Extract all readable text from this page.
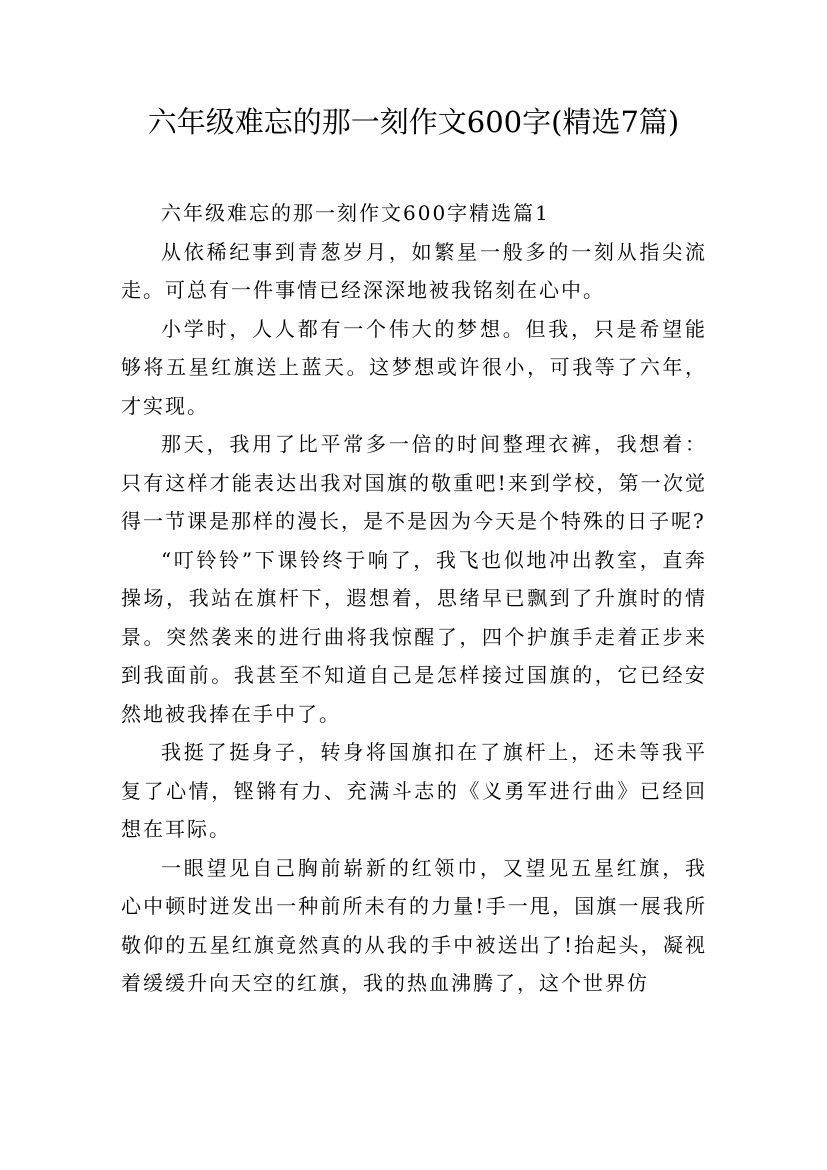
六年级难忘的那一刻作文600字(精选7篇)

六年级难忘的那一刻作文600字精选篇1

从依稀纪事到青葱岁月，如繁星一般多的一刻从指尖流走。可总有一件事情已经深深地被我铭刻在心中。

小学时，人人都有一个伟大的梦想。但我，只是希望能够将五星红旗送上蓝天。这梦想或许很小，可我等了六年，才实现。

那天，我用了比平常多一倍的时间整理衣裤，我想着：只有这样才能表达出我对国旗的敬重吧!来到学校，第一次觉得一节课是那样的漫长，是不是因为今天是个特殊的日子呢?

“叮铃铃”下课铃终于响了，我飞也似地冲出教室，直奔操场，我站在旗杆下，遐想着，思绪早已飘到了升旗时的情景。突然袭来的进行曲将我惊醒了，四个护旗手走着正步来到我面前。我甚至不知道自己是怎样接过国旗的，它已经安然地被我捧在手中了。

我挺了挺身子，转身将国旗扣在了旗杆上，还未等我平复了心情，铿锵有力、充满斗志的《义勇军进行曲》已经回想在耳际。

一眼望见自己胸前崭新的红领巾，又望见五星红旗，我心中顿时迸发出一种前所未有的力量!手一甩，国旗一展我所敬仰的五星红旗竟然真的从我的手中被送出了!抬起头，凝视着缓缓升向天空的红旗，我的热血沸腾了，这个世界仿
